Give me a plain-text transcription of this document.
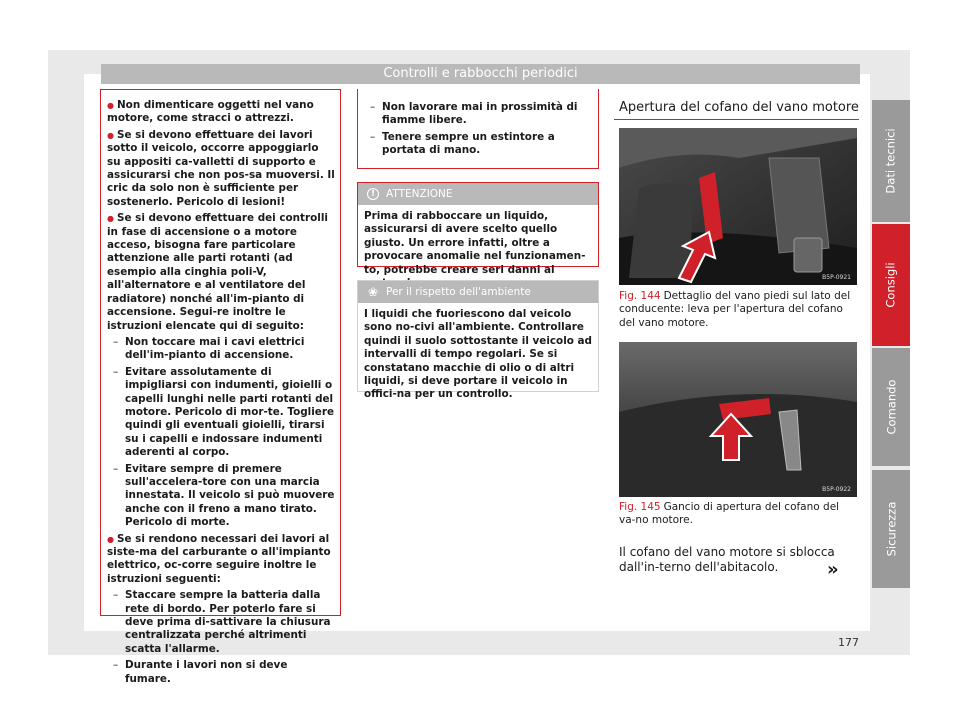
Controlli e rabbocchi periodici
● Non dimenticare oggetti nel vano motore, come stracci o attrezzi.
● Se si devono effettuare dei lavori sotto il veicolo, occorre appoggiarlo su appositi ca-valletti di supporto e assicurarsi che non pos-sa muoversi. Il cric da solo non è sufficiente per sostenerlo. Pericolo di lesioni!
● Se si devono effettuare dei controlli in fase di accensione o a motore acceso, bisogna fare particolare attenzione alle parti rotanti (ad esempio alla cinghia poli-V, all'alternatore e al ventilatore del radiatore) nonché all'im-pianto di accensione. Segui-re inoltre le istruzioni elencate qui di seguito:
– Non toccare mai i cavi elettrici dell'im-pianto di accensione.
– Evitare assolutamente di impigliarsi con indumenti, gioielli o capelli lunghi nelle parti rotanti del motore. Pericolo di mor-te. Togliere quindi gli eventuali gioielli, tirarsi su i capelli e indossare indumenti aderenti al corpo.
– Evitare sempre di premere sull'accelera-tore con una marcia innestata. Il veicolo si può muovere anche con il freno a mano tirato. Pericolo di morte.
● Se si rendono necessari dei lavori al siste-ma del carburante o all'impianto elettrico, oc-corre seguire inoltre le istruzioni seguenti:
– Staccare sempre la batteria dalla rete di bordo. Per poterlo fare si deve prima di-sattivare la chiusura centralizzata perché altrimenti scatta l'allarme.
– Durante i lavori non si deve fumare.
– Non lavorare mai in prossimità di fiamme libere.
– Tenere sempre un estintore a portata di mano.
!	ATTENZIONE
Prima di rabboccare un liquido, assicurarsi di avere scelto quello giusto. Un errore infatti, oltre a provocare anomalie nel funzionamen-to, potrebbe creare seri danni al
❀ Per il rispetto dell'ambiente
I liquidi che fuoriescono dal veicolo sono no-civi all'ambiente. Controllare quindi il suolo sottostante il veicolo ad intervalli di tempo regolari. Se si constatano macchie di olio o di altri liquidi, si deve portare il veicolo in offici-na per un controllo.
Apertura del cofano del vano motore
B5P-0921
Fig. 144 Dettaglio del vano piedi sul lato del conducente: leva per l'apertura del cofano del vano motore.
B5P-0922
Fig. 145 Gancio di apertura del cofano del va-no motore.
Il cofano del vano motore si sblocca dall'in-terno dell'abitacolo.	»
177
Dati tecnici
Consigli
Comando
Sicurezza
